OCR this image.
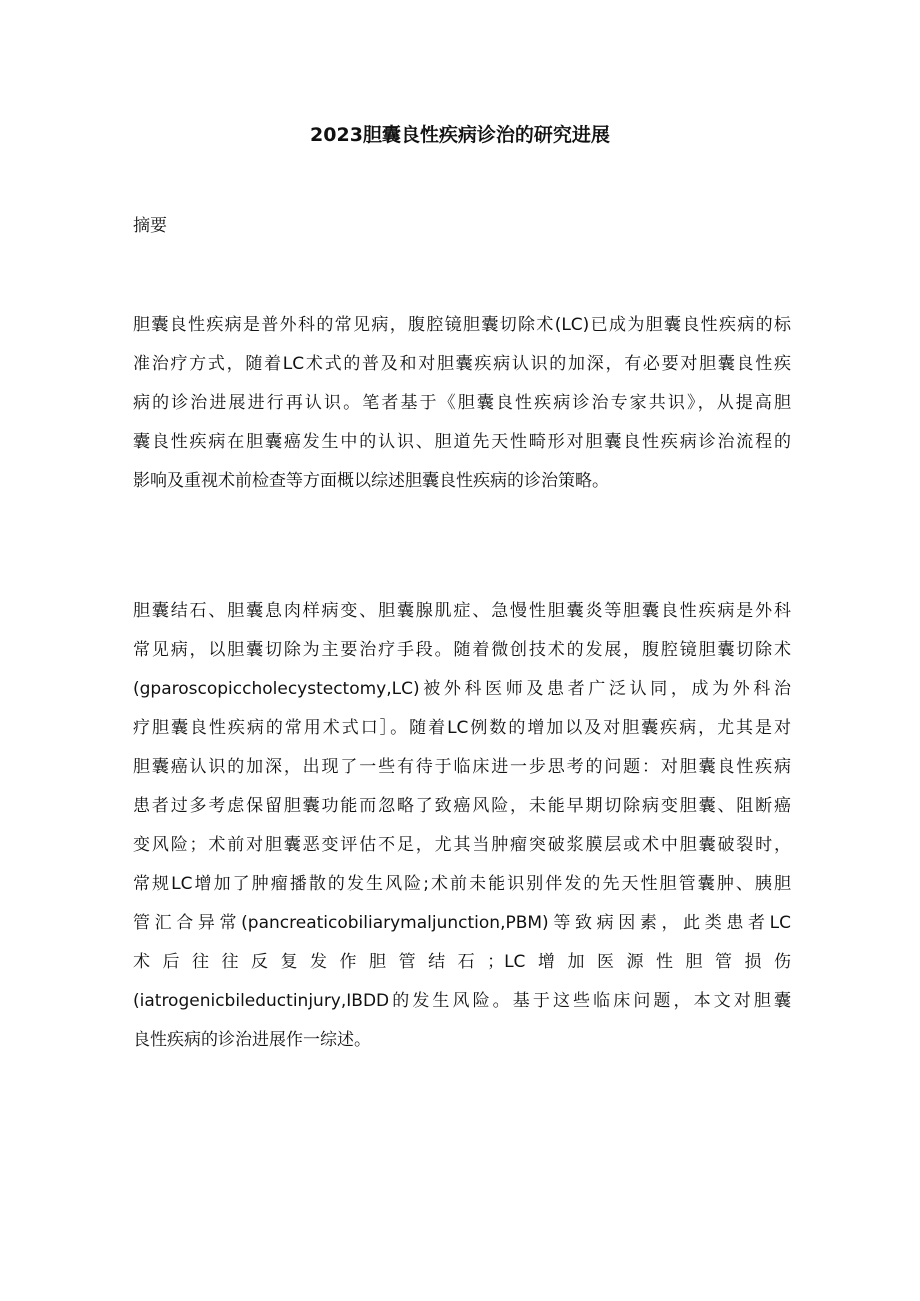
2023胆囊良性疾病诊治的研究进展
摘要
胆囊良性疾病是普外科的常见病，腹腔镜胆囊切除术(LC)已成为胆囊良性疾病的标
准治疗方式，随着LC术式的普及和对胆囊疾病认识的加深，有必要对胆囊良性疾
病的诊治进展进行再认识。笔者基于《胆囊良性疾病诊治专家共识》，从提高胆
囊良性疾病在胆囊癌发生中的认识、胆道先天性畸形对胆囊良性疾病诊治流程的
影响及重视术前检查等方面概以综述胆囊良性疾病的诊治策略。
胆囊结石、胆囊息肉样病变、胆囊腺肌症、急慢性胆囊炎等胆囊良性疾病是外科
常见病，以胆囊切除为主要治疗手段。随着微创技术的发展，腹腔镜胆囊切除术
(gparoscopiccholecystectomy,LC)被外科医师及患者广泛认同，成为外科治
疗胆囊良性疾病的常用术式口］。随着LC例数的增加以及对胆囊疾病，尤其是对
胆囊癌认识的加深，出现了一些有待于临床进一步思考的问题：对胆囊良性疾病
患者过多考虑保留胆囊功能而忽略了致癌风险，未能早期切除病变胆囊、阻断癌
变风险；术前对胆囊恶变评估不足，尤其当肿瘤突破浆膜层或术中胆囊破裂时，
常规LC增加了肿瘤播散的发生风险;术前未能识别伴发的先天性胆管囊肿、胰胆
管汇合异常(pancreaticobiliarymaljunction,PBM)等致病因素，此类患者LC
术后往往反复发作胆管结石；LC增加医源性胆管损伤
(iatrogenicbileductinjury,IBDD的发生风险。基于这些临床问题，本文对胆囊
良性疾病的诊治进展作一综述。
